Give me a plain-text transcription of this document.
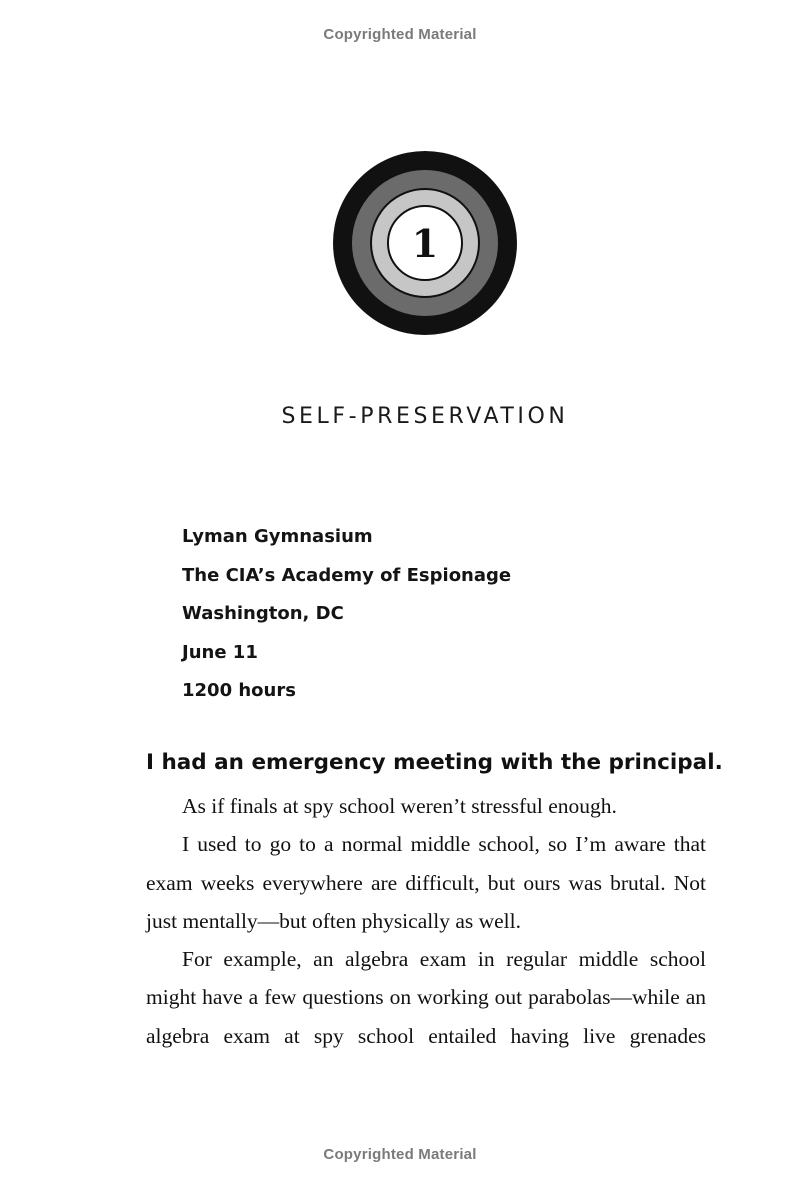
Copyrighted Material
1
SELF-PRESERVATION
Lyman Gymnasium
The CIA’s Academy of Espionage
Washington, DC
June 11
1200 hours
I had an emergency meeting with the principal.

As if finals at spy school weren’t stressful enough.

I used to go to a normal middle school, so I’m aware that exam weeks everywhere are difficult, but ours was brutal. Not just mentally—but often physically as well.

For example, an algebra exam in regular middle school might have a few questions on working out parabolas—while an algebra exam at spy school entailed having live grenades

Copyrighted Material
